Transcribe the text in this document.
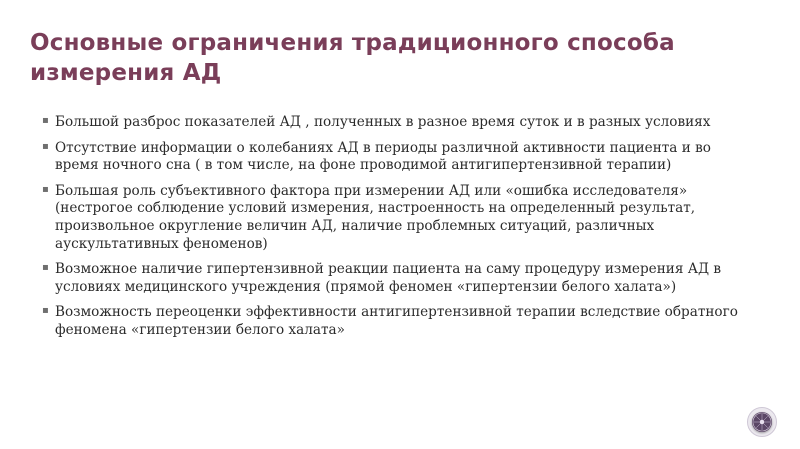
Основные ограничения традиционного способа измерения АД
▪ Большой разброс показателей АД , полученных в разное время суток и в разных условиях
▪ Отсутствие информации о колебаниях АД в периоды различной активности пациента и во время ночного сна ( в том числе, на фоне проводимой антигипертензивной терапии)
▪ Большая роль субъективного фактора при измерении АД или «ошибка исследователя» (нестрогое соблюдение условий измерения, настроенность на определенный результат, произвольное округление величин АД, наличие проблемных ситуаций, различных аускультативных феноменов)
▪ Возможное наличие гипертензивной реакции пациента на саму процедуру измерения АД в условиях медицинского учреждения (прямой феномен «гипертензии белого халата»)
▪ Возможность переоценки эффективности антигипертензивной терапии вследствие обратного феномена «гипертензии белого халата»
